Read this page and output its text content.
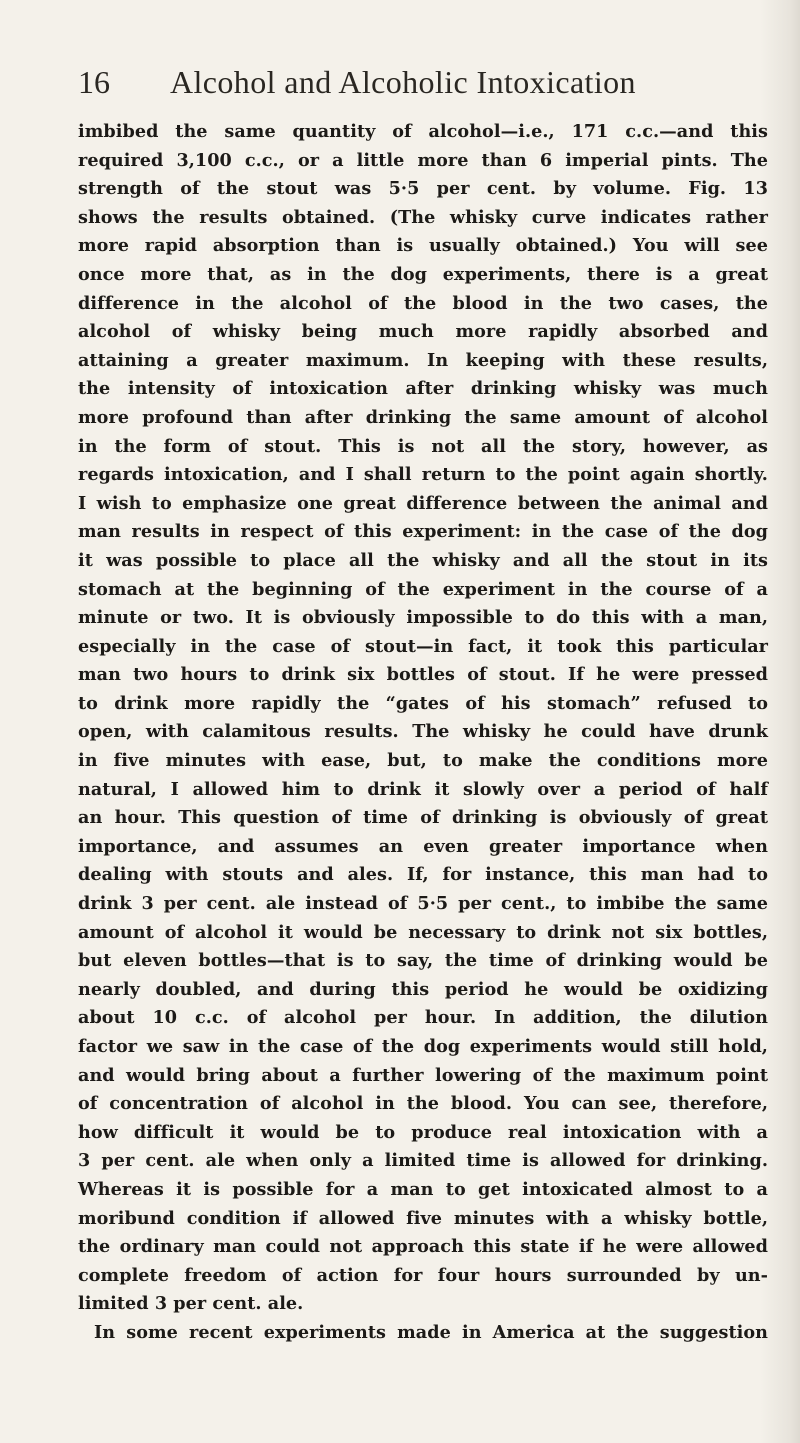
16 Alcohol and Alcoholic Intoxication
imbibed the same quantity of alcohol—i.e., 171 c.c.—and this
required 3,100 c.c., or a little more than 6 imperial pints. The
strength of the stout was 5·5 per cent. by volume. Fig. 13
shows the results obtained. (The whisky curve indicates rather
more rapid absorption than is usually obtained.) You will see
once more that, as in the dog experiments, there is a great
difference in the alcohol of the blood in the two cases, the
alcohol of whisky being much more rapidly absorbed and
attaining a greater maximum. In keeping with these results,
the intensity of intoxication after drinking whisky was much
more profound than after drinking the same amount of alcohol
in the form of stout. This is not all the story, however, as
regards intoxication, and I shall return to the point again shortly.
I wish to emphasize one great difference between the animal and
man results in respect of this experiment: in the case of the dog
it was possible to place all the whisky and all the stout in its
stomach at the beginning of the experiment in the course of a
minute or two. It is obviously impossible to do this with a man,
especially in the case of stout—in fact, it took this particular
man two hours to drink six bottles of stout. If he were pressed
to drink more rapidly the “gates of his stomach” refused to
open, with calamitous results. The whisky he could have drunk
in five minutes with ease, but, to make the conditions more
natural, I allowed him to drink it slowly over a period of half
an hour. This question of time of drinking is obviously of great
importance, and assumes an even greater importance when
dealing with stouts and ales. If, for instance, this man had to
drink 3 per cent. ale instead of 5·5 per cent., to imbibe the same
amount of alcohol it would be necessary to drink not six bottles,
but eleven bottles—that is to say, the time of drinking would be
nearly doubled, and during this period he would be oxidizing
about 10 c.c. of alcohol per hour. In addition, the dilution
factor we saw in the case of the dog experiments would still hold,
and would bring about a further lowering of the maximum point
of concentration of alcohol in the blood. You can see, therefore,
how difficult it would be to produce real intoxication with a
3 per cent. ale when only a limited time is allowed for drinking.
Whereas it is possible for a man to get intoxicated almost to a
moribund condition if allowed five minutes with a whisky bottle,
the ordinary man could not approach this state if he were allowed
complete freedom of action for four hours surrounded by un-
limited 3 per cent. ale.
In some recent experiments made in America at the suggestion
